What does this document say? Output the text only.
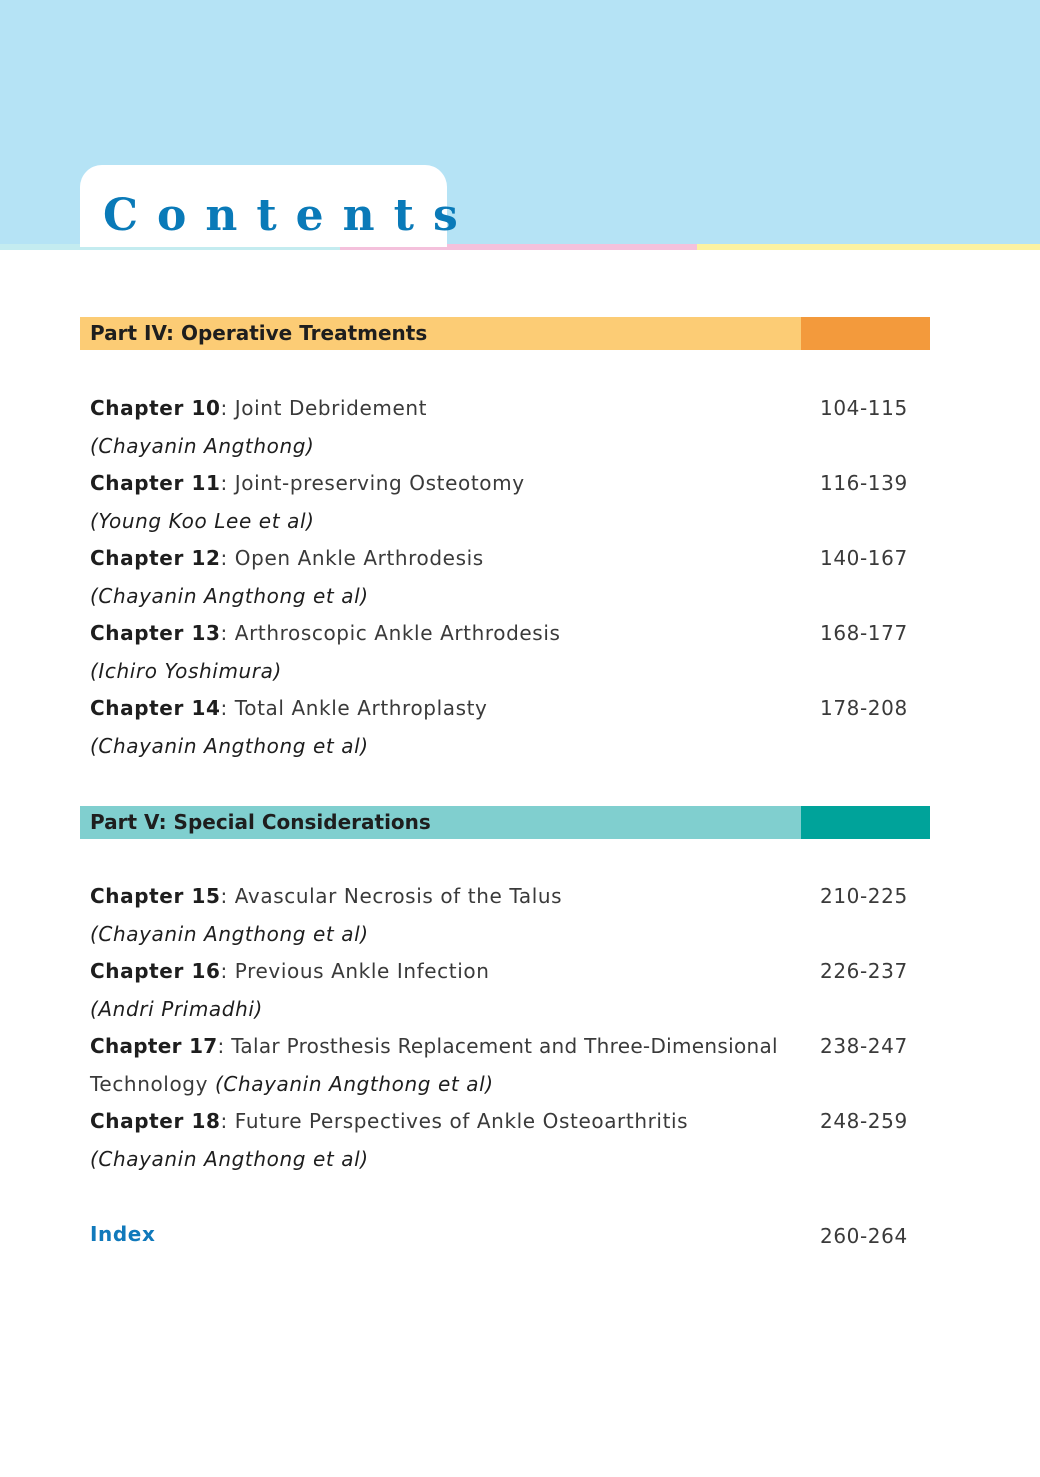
Contents
Part IV: Operative Treatments
Chapter 10: Joint Debridement
(Chayanin Angthong)
104-115
Chapter 11: Joint-preserving Osteotomy
(Young Koo Lee et al)
116-139
Chapter 12: Open Ankle Arthrodesis
(Chayanin Angthong et al)
140-167
Chapter 13: Arthroscopic Ankle Arthrodesis
(Ichiro Yoshimura)
168-177
Chapter 14: Total Ankle Arthroplasty
(Chayanin Angthong et al)
178-208
Part V: Special Considerations
Chapter 15: Avascular Necrosis of the Talus
(Chayanin Angthong et al)
210-225
Chapter 16: Previous Ankle Infection
(Andri Primadhi)
226-237
Chapter 17: Talar Prosthesis Replacement and Three-Dimensional
Technology (Chayanin Angthong et al)
238-247
Chapter 18: Future Perspectives of Ankle Osteoarthritis
(Chayanin Angthong et al)
248-259
Index	260-264
